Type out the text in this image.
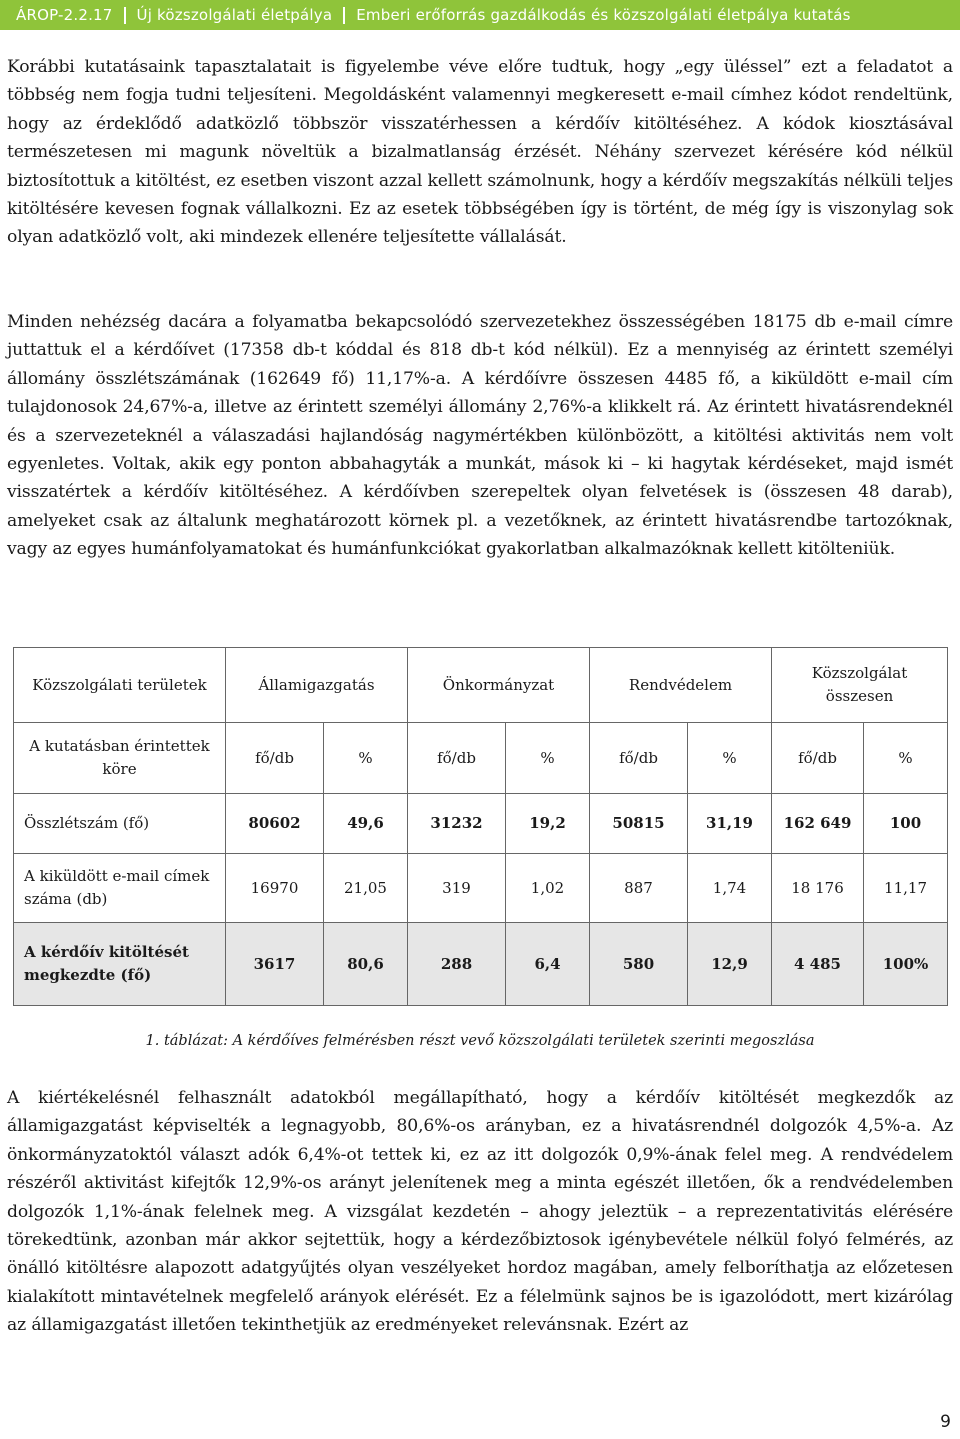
ÁROP-2.2.17 Új közszolgálati életpálya Emberi erőforrás gazdálkodás és közszolgálati életpálya kutatás

Korábbi kutatásaink tapasztalatait is figyelembe véve előre tudtuk, hogy „egy üléssel” ezt a feladatot a többség nem fogja tudni teljesíteni. Megoldásként valamennyi megkeresett e-mail címhez kódot rendeltünk, hogy az érdeklődő adatközlő többször visszatérhessen a kérdőív kitöltéséhez. A kódok kiosztásával természetesen mi magunk növeltük a bizalmatlanság érzését. Néhány szervezet kérésére kód nélkül biztosítottuk a kitöltést, ez esetben viszont azzal kellett számolnunk, hogy a kérdőív megszakítás nélküli teljes kitöltésére kevesen fognak vállalkozni. Ez az esetek többségében így is történt, de még így is viszonylag sok olyan adatközlő volt, aki mindezek ellenére teljesítette vállalását.

Minden nehézség dacára a folyamatba bekapcsolódó szervezetekhez összességében 18175 db e-mail címre juttattuk el a kérdőívet (17358 db-t kóddal és 818 db-t kód nélkül). Ez a mennyiség az érintett személyi állomány összlétszámának (162649 fő) 11,17%-a. A kérdőívre összesen 4485 fő, a kiküldött e-mail cím tulajdonosok 24,67%-a, illetve az érintett személyi állomány 2,76%-a klikkelt rá. Az érintett hivatásrendeknél és a szervezeteknél a válaszadási hajlandóság nagymértékben különbözött, a kitöltési aktivitás nem volt egyenletes. Voltak, akik egy ponton abbahagyták a munkát, mások ki – ki hagytak kérdéseket, majd ismét visszatértek a kérdőív kitöltéséhez. A kérdőívben szerepeltek olyan felvetések is (összesen 48 darab), amelyeket csak az általunk meghatározott körnek pl. a vezetőknek, az érintett hivatásrendbe tartozóknak, vagy az egyes humánfolyamatokat és humánfunkciókat gyakorlatban alkalmazóknak kellett kitölteniük.

Közszolgálati területek	Államigazgatás		Önkormányzat		Rendvédelem		Közszolgálat összesen	
A kutatásban érintettek köre	fő/db	%	fő/db	%	fő/db	%	fő/db	%
Összlétszám (fő)	80602	49,6	31232	19,2	50815	31,19	162 649	100
A kiküldött e-mail címek száma (db)	16970	21,05	319	1,02	887	1,74	18 176	11,17
A kérdőív kitöltését megkezdte (fő)	3617	80,6	288	6,4	580	12,9	4 485	100%
1. táblázat: A kérdőíves felmérésben részt vevő közszolgálati területek szerinti megoszlása

A kiértékelésnél felhasznált adatokból megállapítható, hogy a kérdőív kitöltését megkezdők az államigazgatást képviselték a legnagyobb, 80,6%-os arányban, ez a hivatásrendnél dolgozók 4,5%-a. Az önkormányzatoktól választ adók 6,4%-ot tettek ki, ez az itt dolgozók 0,9%-ának felel meg. A rendvédelem részéről aktivitást kifejtők 12,9%-os arányt jelenítenek meg a minta egészét illetően, ők a rendvédelemben dolgozók 1,1%-ának felelnek meg. A vizsgálat kezdetén – ahogy jeleztük – a reprezentativitás elérésére törekedtünk, azonban már akkor sejtettük, hogy a kérdezőbiztosok igénybevétele nélkül folyó felmérés, az önálló kitöltésre alapozott adatgyűjtés olyan veszélyeket hordoz magában, amely felboríthatja az előzetesen kialakított mintavételnek megfelelő arányok elérését. Ez a félelmünk sajnos be is igazolódott, mert kizárólag az államigazgatást illetően tekinthetjük az eredményeket relevánsnak. Ezért az

9
